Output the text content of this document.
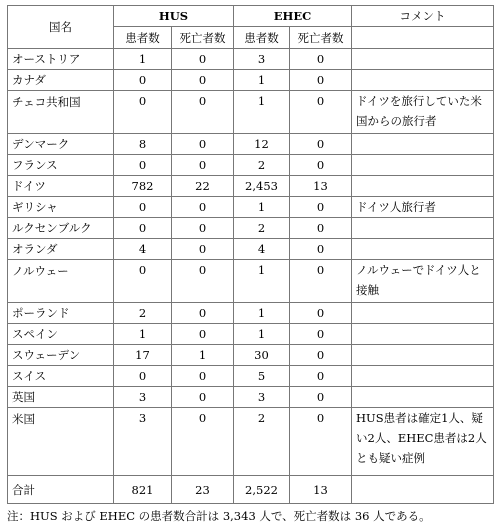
国名	HUS		EHEC		コメント
	患者数	死亡者数	患者数	死亡者数	
オーストリア	1	0	3	0	
カナダ	0	0	1	0	
チェコ共和国	0	0	1	0	ドイツを旅行していた米国からの旅行者
デンマーク	8	0	12	0	
フランス	0	0	2	0	
ドイツ	782	22	2,453	13	
ギリシャ	0	0	1	0	ドイツ人旅行者
ルクセンブルク	0	0	2	0	
オランダ	4	0	4	0	
ノルウェー	0	0	1	0	ノルウェーでドイツ人と接触
ポーランド	2	0	1	0	
スペイン	1	0	1	0	
スウェーデン	17	1	30	0	
スイス	0	0	5	0	
英国	3	0	3	0	
米国	3	0	2	0	HUS患者は確定1人、疑い2人、EHEC患者は2人とも疑い症例
合計	821	23	2,522	13	
注：HUS および EHEC の患者数合計は 3,343 人で、死亡者数は 36 人である。
